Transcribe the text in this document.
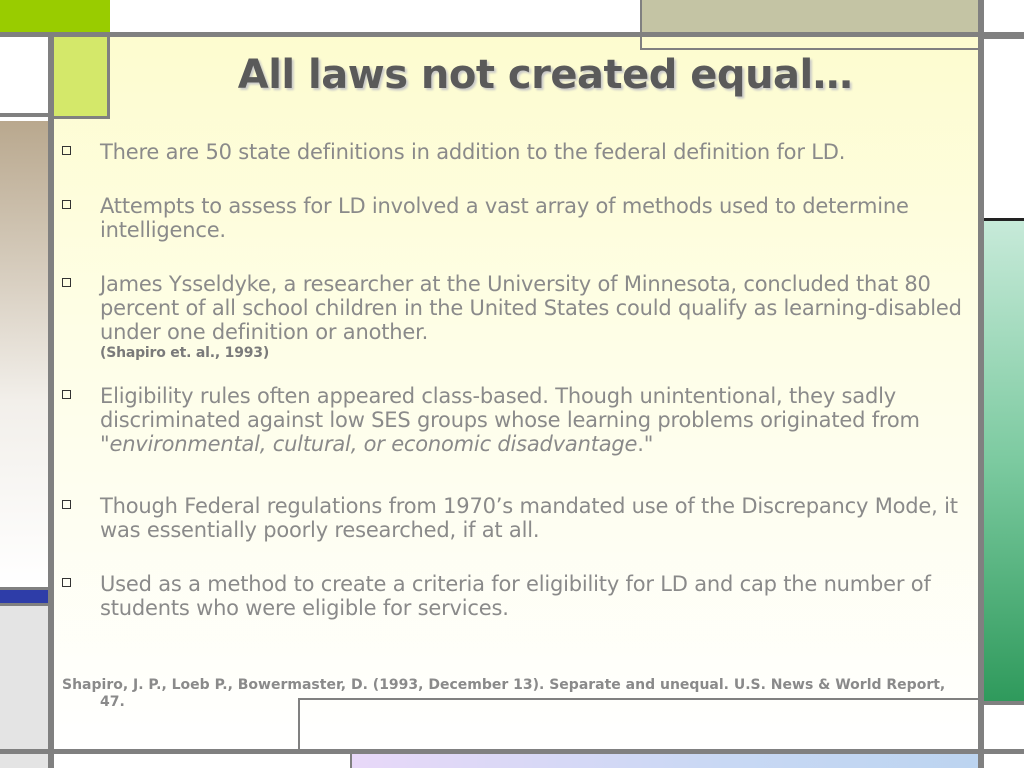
All laws not created equal…
There are 50 state definitions in addition to the federal definition for LD.
Attempts to assess for LD involved a vast array of methods used to determine intelligence.
James Ysseldyke, a researcher at the University of Minnesota, concluded that 80 percent of all school children in the United States could qualify as learning-disabled under one definition or another.
(Shapiro et. al., 1993)
Eligibility rules often appeared class-based. Though unintentional, they sadly discriminated against low SES groups whose learning problems originated from "environmental, cultural, or economic disadvantage."
Though Federal regulations from 1970’s mandated use of the Discrepancy Mode, it was essentially poorly researched, if at all.
Used as a method to create a criteria for eligibility for LD and cap the number of students who were eligible for services.
Shapiro, J. P., Loeb P., Bowermaster, D. (1993, December 13). Separate and unequal. U.S. News & World Report, 47.
